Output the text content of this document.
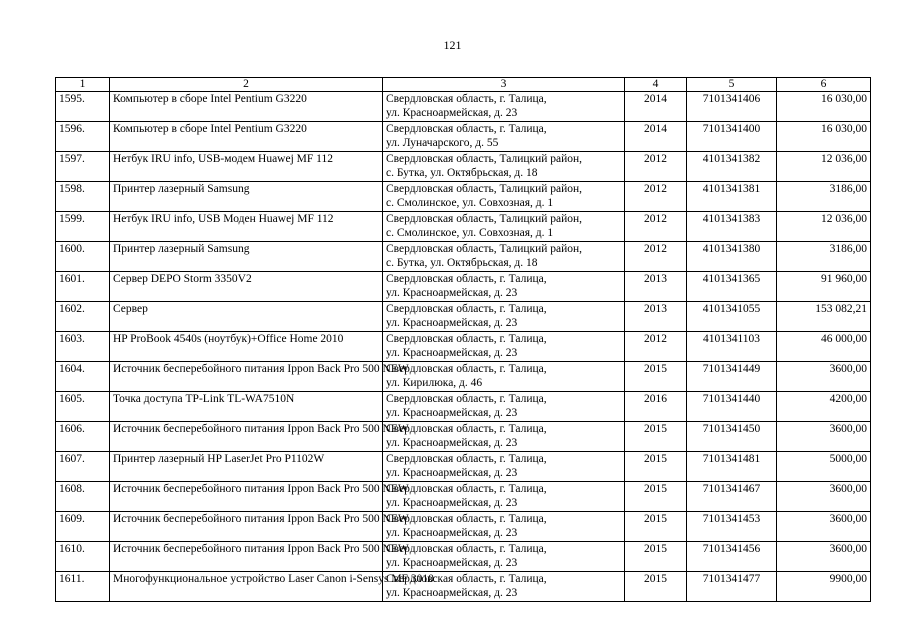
121
1	2	3	4	5	6
1595.	Компьютер в сборе Intel Pentium G3220	Свердловская область, г. Талица,
ул. Красноармейская, д. 23	2014	7101341406	16 030,00
1596.	Компьютер в сборе Intel Pentium G3220	Свердловская область, г. Талица,
ул. Луначарского, д. 55	2014	7101341400	16 030,00
1597.	Нетбук IRU info, USB-модем Huawej MF 112	Свердловская область, Талицкий район,
с. Бутка, ул. Октябрьская, д. 18	2012	4101341382	12 036,00
1598.	Принтер лазерный Samsung	Свердловская область, Талицкий район,
с. Смолинское, ул. Совхозная, д. 1	2012	4101341381	3186,00
1599.	Нетбук IRU info, USB Моден Huawej MF 112	Свердловская область, Талицкий район,
с. Смолинское, ул. Совхозная, д. 1	2012	4101341383	12 036,00
1600.	Принтер лазерный Samsung	Свердловская область, Талицкий район,
с. Бутка, ул. Октябрьская, д. 18	2012	4101341380	3186,00
1601.	Сервер DEPO Storm 3350V2	Свердловская область, г. Талица,
ул. Красноармейская, д. 23	2013	4101341365	91 960,00
1602.	Сервер	Свердловская область, г. Талица,
ул. Красноармейская, д. 23	2013	4101341055	153 082,21
1603.	HP ProBook 4540s (ноутбук)+Office Home 2010	Свердловская область, г. Талица,
ул. Красноармейская, д. 23	2012	4101341103	46 000,00
1604.	Источник бесперебойного питания Ippon Back Pro 500 NEW	Свердловская область, г. Талица,
ул. Кирилюка, д. 46	2015	7101341449	3600,00
1605.	Точка доступа TP-Link TL-WA7510N	Свердловская область, г. Талица,
ул. Красноармейская, д. 23	2016	7101341440	4200,00
1606.	Источник бесперебойного питания Ippon Back Pro 500 NEW	Свердловская область, г. Талица,
ул. Красноармейская, д. 23	2015	7101341450	3600,00
1607.	Принтер лазерный HP LaserJet Pro P1102W	Свердловская область, г. Талица,
ул. Красноармейская, д. 23	2015	7101341481	5000,00
1608.	Источник бесперебойного питания Ippon Back Pro 500 NEW	Свердловская область, г. Талица,
ул. Красноармейская, д. 23	2015	7101341467	3600,00
1609.	Источник бесперебойного питания Ippon Back Pro 500 NEW	Свердловская область, г. Талица,
ул. Красноармейская, д. 23	2015	7101341453	3600,00
1610.	Источник бесперебойного питания Ippon Back Pro 500 NEW	Свердловская область, г. Талица,
ул. Красноармейская, д. 23	2015	7101341456	3600,00
1611.	Многофункциональное устройство Laser Canon i-Sensys MF 3010	Свердловская область, г. Талица,
ул. Красноармейская, д. 23	2015	7101341477	9900,00
